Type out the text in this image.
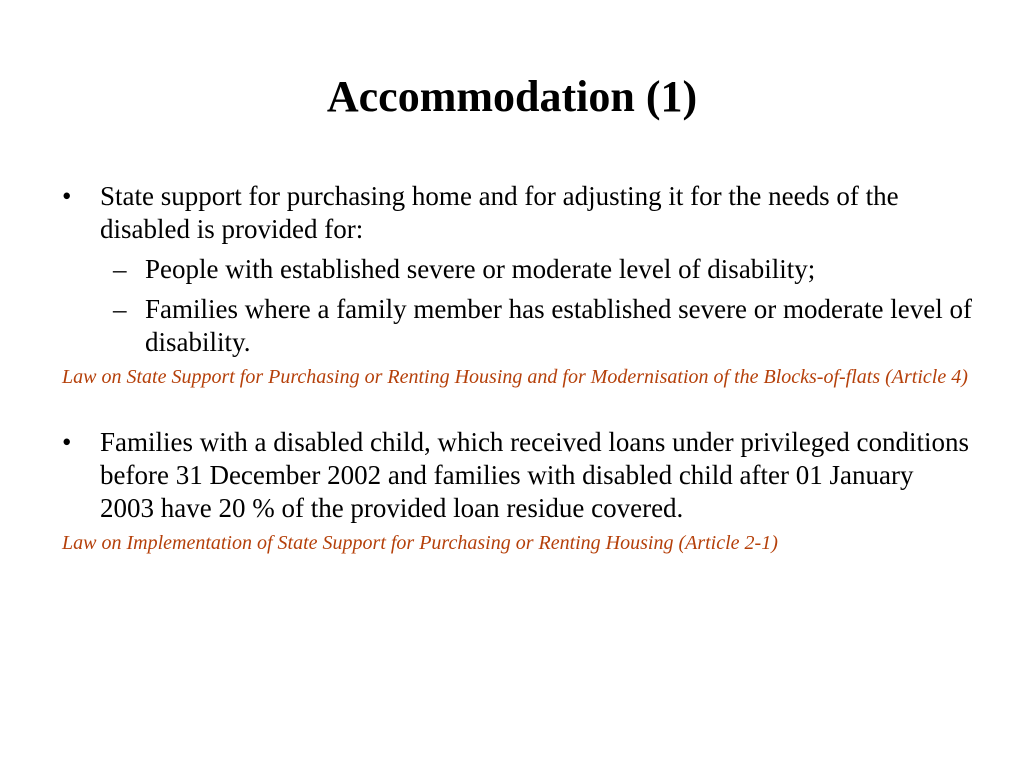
Accommodation (1)
• State support for purchasing home and for adjusting it for the needs of the disabled is provided for:
– People with established severe or moderate level of disability;
– Families where a family member has established severe or moderate level of disability.
Law on State Support for Purchasing or Renting Housing and for Modernisation of the Blocks-of-flats (Article 4)
• Families with a disabled child, which received loans under privileged conditions before 31 December 2002 and families with disabled child after 01 January 2003 have 20 % of the provided loan residue covered.
Law on Implementation of State Support for Purchasing or Renting Housing (Article 2-1)
